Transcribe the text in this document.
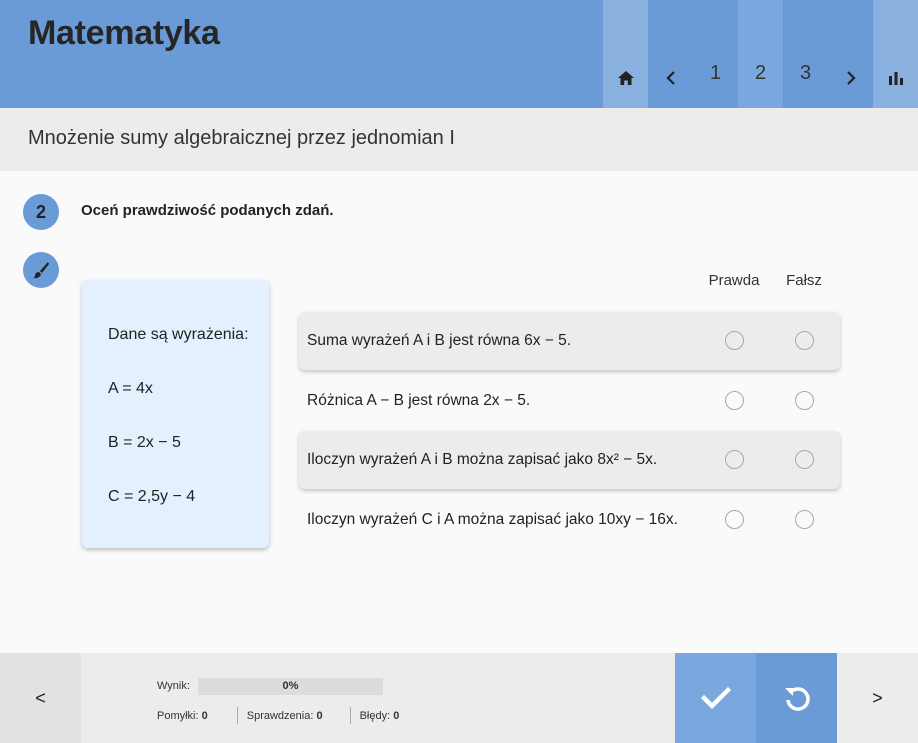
Matematyka
1	2	3
Mnożenie sumy algebraicznej przez jednomian I
2	Oceń prawdziwość podanych zdań.
Dane są wyrażenia:
A = 4x
B = 2x − 5
C = 2,5y − 4
Prawda	Fałsz
Suma wyrażeń A i B jest równa 6x − 5.
Różnica A − B jest równa 2x − 5.
Iloczyn wyrażeń A i B można zapisać jako 8x² − 5x.
Iloczyn wyrażeń C i A można zapisać jako 10xy − 16x.
<
Wynik:	0%
Pomyłki: 0	Sprawdzenia: 0	Błędy: 0
>
